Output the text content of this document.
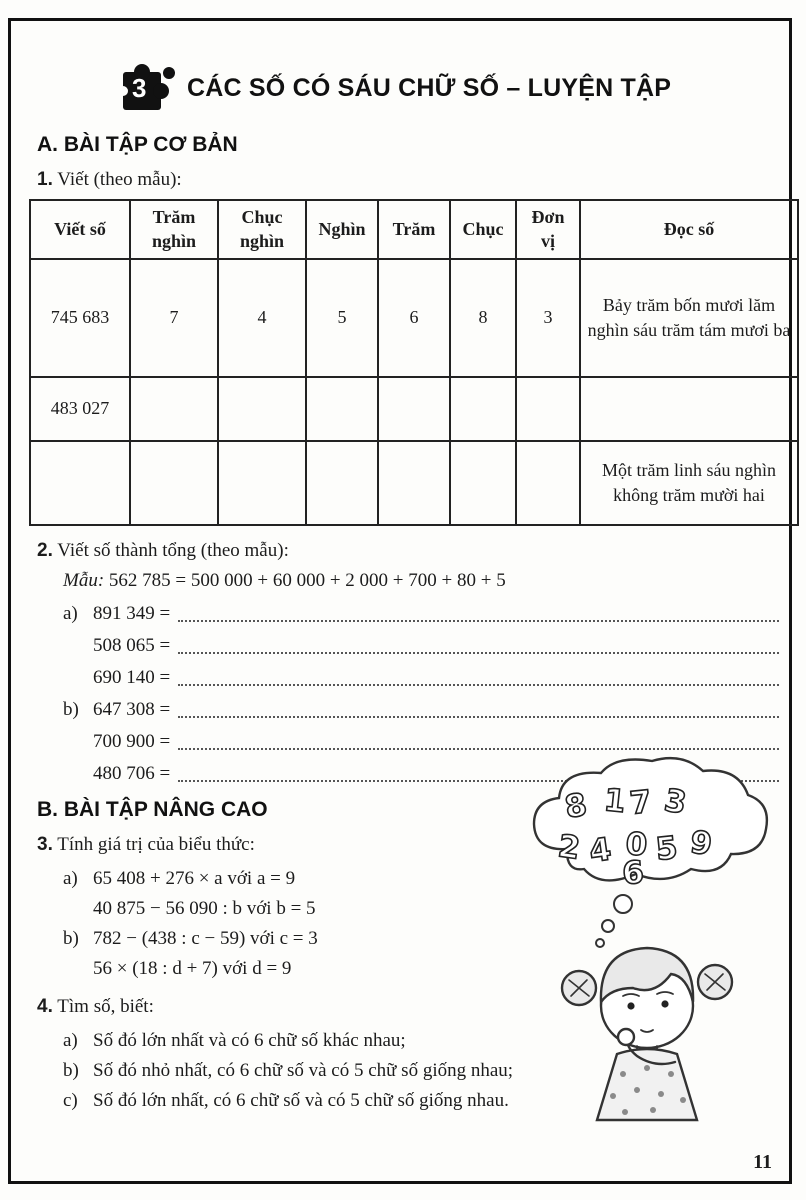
3 CÁC SỐ CÓ SÁU CHỮ SỐ – LUYỆN TẬP
A. BÀI TẬP CƠ BẢN

1. Viết (theo mẫu):

Viết số	Trăm nghìn	Chục nghìn	Nghìn	Trăm	Chục	Đơn vị	Đọc số
745 683	7	4	5	6	8	3	Bảy trăm bốn mươi lăm nghìn sáu trăm tám mươi ba
483 027							
							Một trăm linh sáu nghìn không trăm mười hai

2. Viết số thành tổng (theo mẫu):

Mẫu: 562 785 = 500 000 + 60 000 + 2 000 + 700 + 80 + 5

a) 891 349 =
508 065 =
690 140 =
b) 647 308 =
700 900 =
480 706 =
B. BÀI TẬP NÂNG CAO

3. Tính giá trị của biểu thức:

a) 65 408 + 276 × a với a = 9
40 875 − 56 090 : b với b = 5
b) 782 − (438 : c − 59) với c = 3
56 × (18 : d + 7) với d = 9

4. Tìm số, biết:

a) Số đó lớn nhất và có 6 chữ số khác nhau;
b) Số đó nhỏ nhất, có 6 chữ số và có 5 chữ số giống nhau;
c) Số đó lớn nhất, có 6 chữ số và có 5 chữ số giống nhau.
8 1 7 3
2 4 0 5 9
6
11
